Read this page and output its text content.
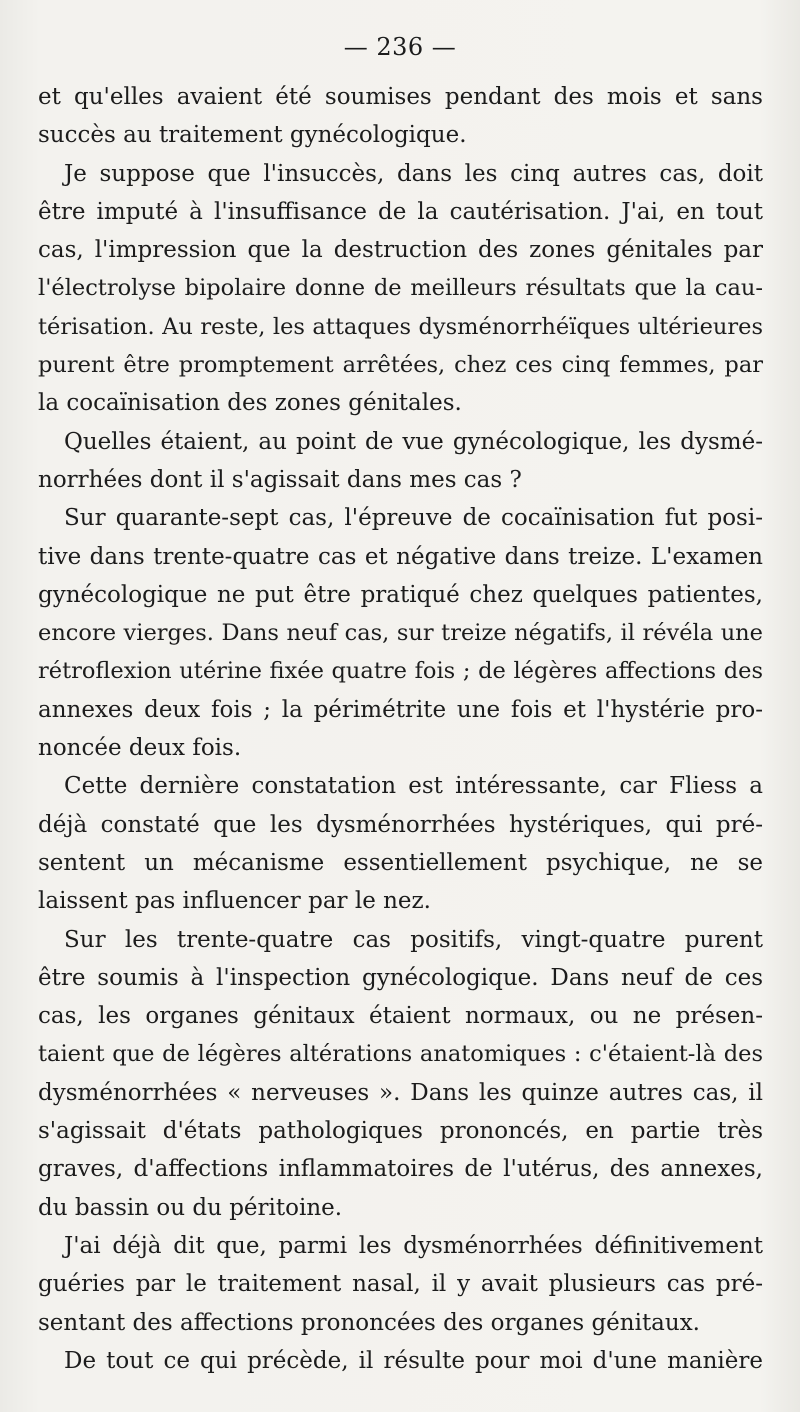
— 236 —
et qu'elles avaient été soumises pendant des mois et sans
succès au traitement gynécologique.
Je suppose que l'insuccès, dans les cinq autres cas, doit
être imputé à l'insuffisance de la cautérisation. J'ai, en tout
cas, l'impression que la destruction des zones génitales par
l'électrolyse bipolaire donne de meilleurs résultats que la cau-
térisation. Au reste, les attaques dysménorrhéïques ultérieures
purent être promptement arrêtées, chez ces cinq femmes, par
la cocaïnisation des zones génitales.
Quelles étaient, au point de vue gynécologique, les dysmé-
norrhées dont il s'agissait dans mes cas ?
Sur quarante-sept cas, l'épreuve de cocaïnisation fut posi-
tive dans trente-quatre cas et négative dans treize. L'examen
gynécologique ne put être pratiqué chez quelques patientes,
encore vierges. Dans neuf cas, sur treize négatifs, il révéla une
rétroflexion utérine fixée quatre fois ; de légères affections des
annexes deux fois ; la périmétrite une fois et l'hystérie pro-
noncée deux fois.
Cette dernière constatation est intéressante, car Fliess a
déjà constaté que les dysménorrhées hystériques, qui pré-
sentent un mécanisme essentiellement psychique, ne se
laissent pas influencer par le nez.
Sur les trente-quatre cas positifs, vingt-quatre purent
être soumis à l'inspection gynécologique. Dans neuf de ces
cas, les organes génitaux étaient normaux, ou ne présen-
taient que de légères altérations anatomiques : c'étaient-là des
dysménorrhées « nerveuses ». Dans les quinze autres cas, il
s'agissait d'états pathologiques prononcés, en partie très
graves, d'affections inflammatoires de l'utérus, des annexes,
du bassin ou du péritoine.
J'ai déjà dit que, parmi les dysménorrhées définitivement
guéries par le traitement nasal, il y avait plusieurs cas pré-
sentant des affections prononcées des organes génitaux.
De tout ce qui précède, il résulte pour moi d'une manière
